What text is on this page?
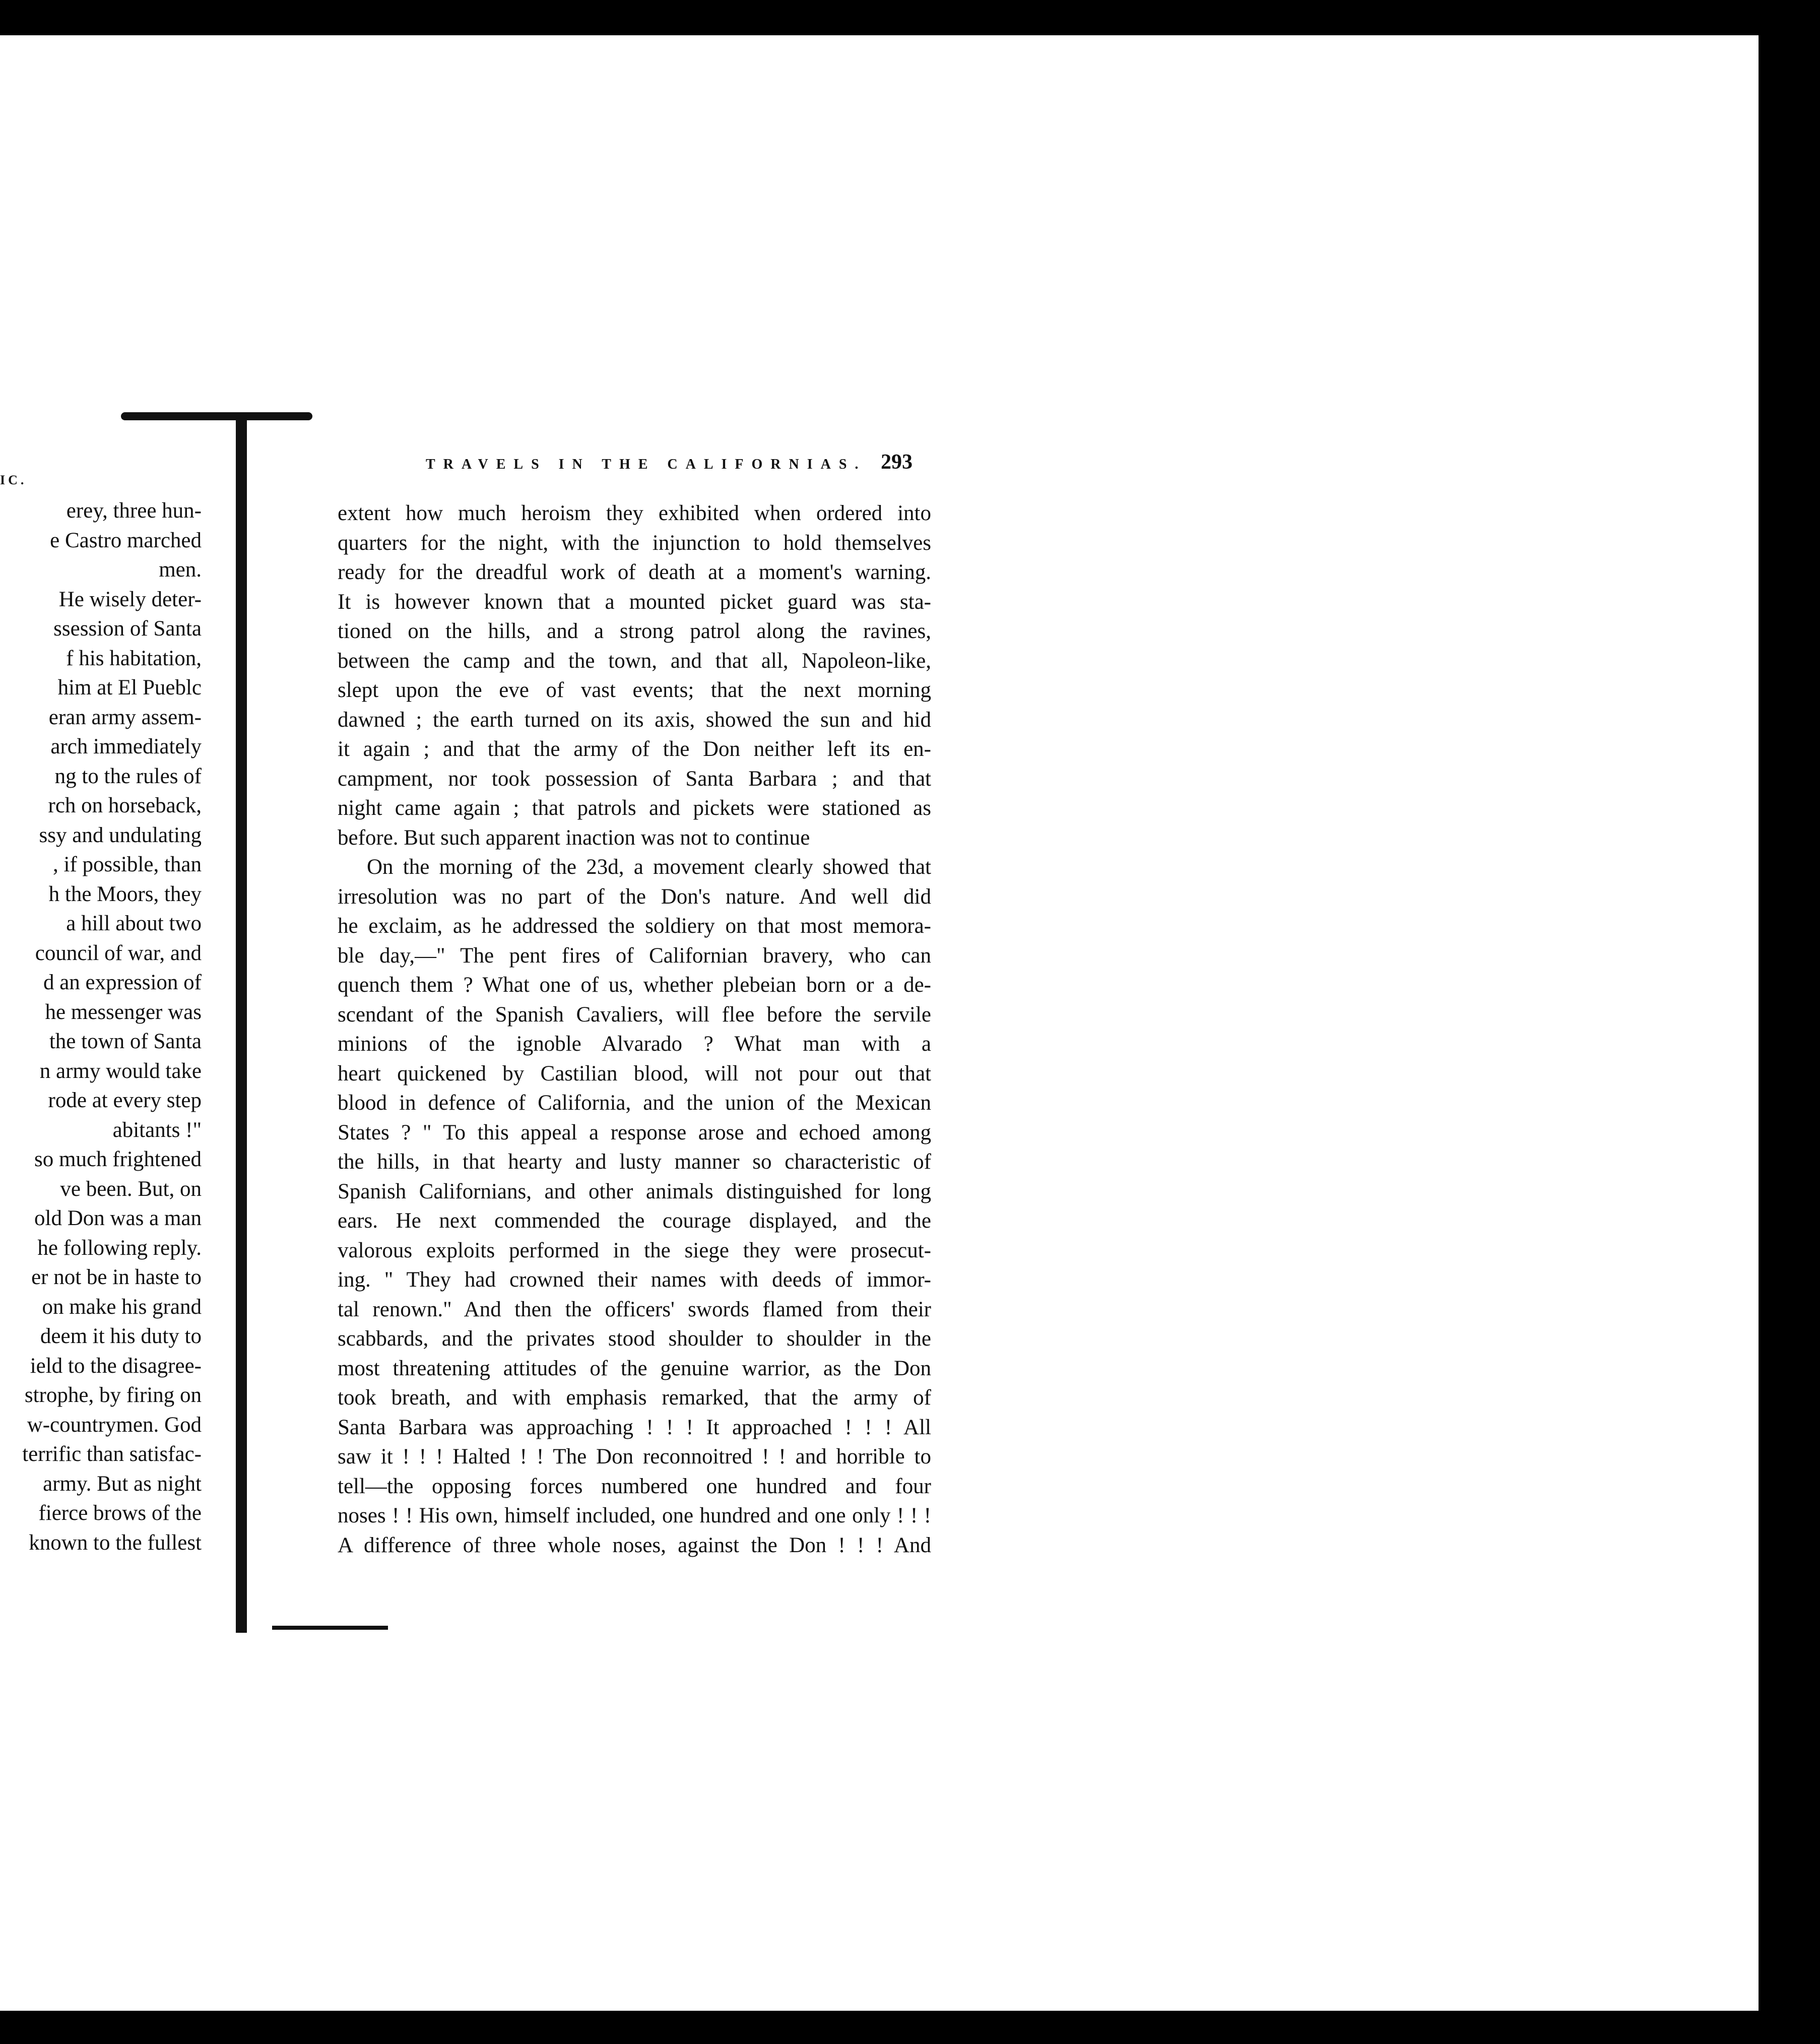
IC.
erey, three hun-
e Castro marched
men.
He wisely deter-
ssession of Santa
f his habitation,
him at El Pueblc
eran army assem-
arch immediately
ng to the rules of
rch on horseback,
ssy and undulating
, if possible, than
h the Moors, they
a hill about two
council of war, and
d an expression of
he messenger was
the town of Santa
n army would take
rode at every step
abitants !"
so much frightened
ve been. But, on
old Don was a man
he following reply.
er not be in haste to
on make his grand
deem it his duty to
ield to the disagree-
strophe, by firing on
w-countrymen. God
terrific than satisfac-
army. But as night
fierce brows of the
known to the fullest
TRAVELS IN THE CALIFORNIAS. 293
extent how much heroism they exhibited when ordered into
quarters for the night, with the injunction to hold themselves
ready for the dreadful work of death at a moment's warning.
It is however known that a mounted picket guard was sta-
tioned on the hills, and a strong patrol along the ravines,
between the camp and the town, and that all, Napoleon-like,
slept upon the eve of vast events; that the next morning
dawned ; the earth turned on its axis, showed the sun and hid
it again ; and that the army of the Don neither left its en-
campment, nor took possession of Santa Barbara ; and that
night came again ; that patrols and pickets were stationed as
before. But such apparent inaction was not to continue
On the morning of the 23d, a movement clearly showed that
irresolution was no part of the Don's nature. And well did
he exclaim, as he addressed the soldiery on that most memora-
ble day,—" The pent fires of Californian bravery, who can
quench them ? What one of us, whether plebeian born or a de-
scendant of the Spanish Cavaliers, will flee before the servile
minions of the ignoble Alvarado ? What man with a
heart quickened by Castilian blood, will not pour out that
blood in defence of California, and the union of the Mexican
States ? " To this appeal a response arose and echoed among
the hills, in that hearty and lusty manner so characteristic of
Spanish Californians, and other animals distinguished for long
ears. He next commended the courage displayed, and the
valorous exploits performed in the siege they were prosecut-
ing. " They had crowned their names with deeds of immor-
tal renown." And then the officers' swords flamed from their
scabbards, and the privates stood shoulder to shoulder in the
most threatening attitudes of the genuine warrior, as the Don
took breath, and with emphasis remarked, that the army of
Santa Barbara was approaching ! ! ! It approached ! ! ! All
saw it ! ! ! Halted ! ! The Don reconnoitred ! ! and horrible to
tell—the opposing forces numbered one hundred and four
noses ! ! His own, himself included, one hundred and one only ! ! !
A difference of three whole noses, against the Don ! ! ! And
